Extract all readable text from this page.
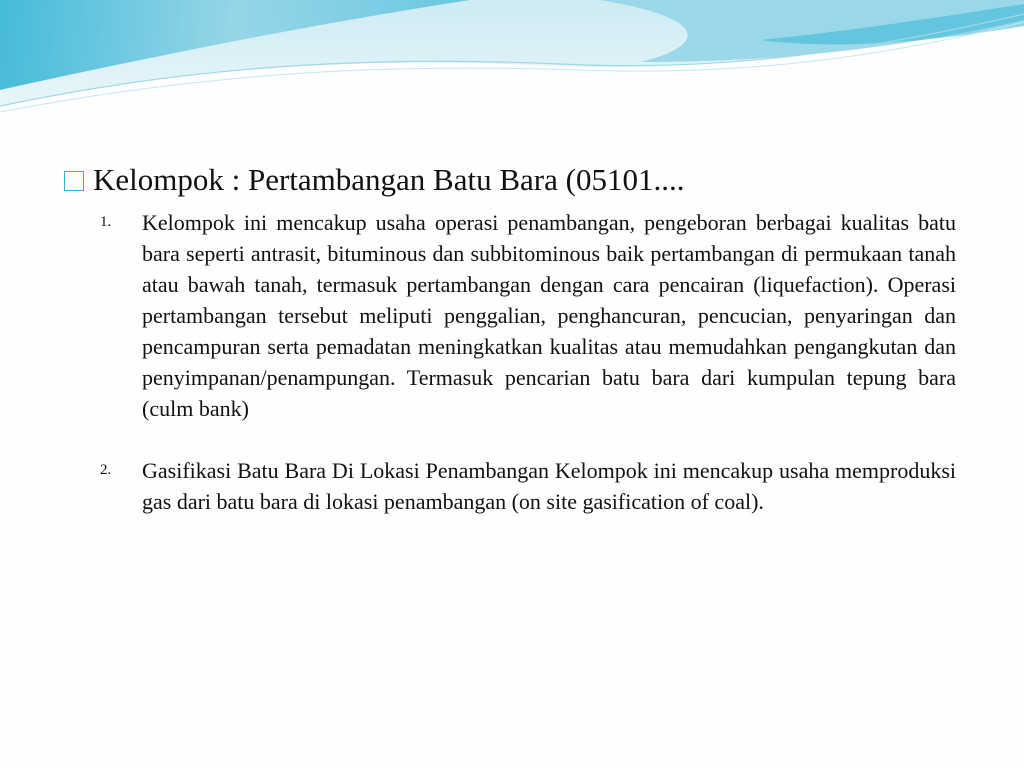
Kelompok : Pertambangan Batu Bara (05101....
1.	Kelompok ini mencakup usaha operasi penambangan, pengeboran berbagai kualitas batu bara seperti antrasit, bituminous dan subbitominous baik pertambangan di permukaan tanah atau bawah tanah, termasuk pertambangan dengan cara pencairan (liquefaction). Operasi pertambangan tersebut meliputi penggalian, penghancuran, pencucian, penyaringan dan pencampuran serta pemadatan meningkatkan kualitas atau memudahkan pengangkutan dan penyimpanan/penampungan. Termasuk pencarian batu bara dari kumpulan tepung bara (culm bank)
2.	Gasifikasi Batu Bara Di Lokasi Penambangan Kelompok ini mencakup usaha memproduksi gas dari batu bara di lokasi penambangan (on site gasification of coal).
